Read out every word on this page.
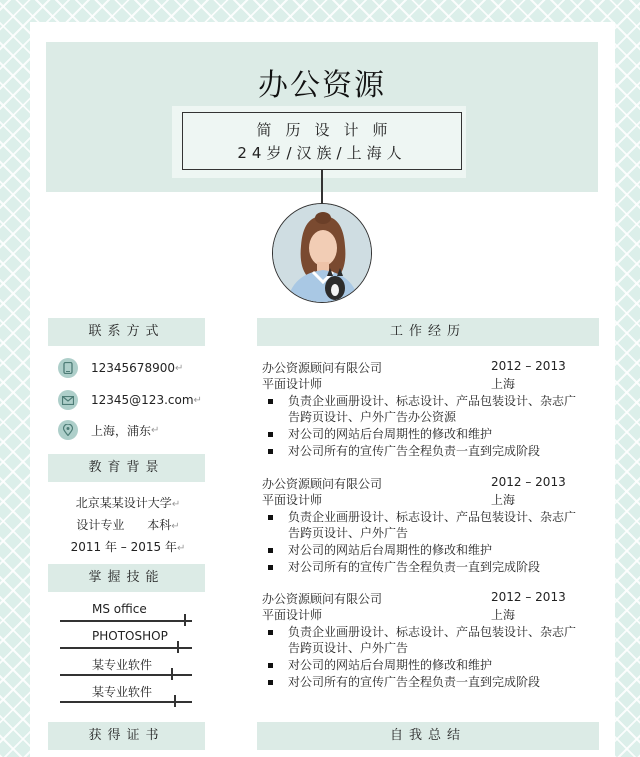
办公资源
简历设计师
24岁/汉族/上海人
联系方式
12345678900 ↵
12345@123.com ↵
上海，浦东 ↵
教育背景
北京某某设计大学↵
设计专业 本科↵
2011 年 – 2015 年↵
掌握技能
MS office
PHOTOSHOP
某专业软件
某专业软件
获得证书
工作经历
办公资源顾问有限公司	2012 – 2013
平面设计师	上海
负责企业画册设计、标志设计、产品包装设计、杂志广告跨页设计、户外广告办公资源
对公司的网站后台周期性的修改和维护
对公司所有的宣传广告全程负责一直到完成阶段
办公资源顾问有限公司	2012 – 2013
平面设计师	上海
负责企业画册设计、标志设计、产品包装设计、杂志广告跨页设计、户外广告
对公司的网站后台周期性的修改和维护
对公司所有的宣传广告全程负责一直到完成阶段
办公资源顾问有限公司	2012 – 2013
平面设计师	上海
负责企业画册设计、标志设计、产品包装设计、杂志广告跨页设计、户外广告
对公司的网站后台周期性的修改和维护
对公司所有的宣传广告全程负责一直到完成阶段
自我总结
